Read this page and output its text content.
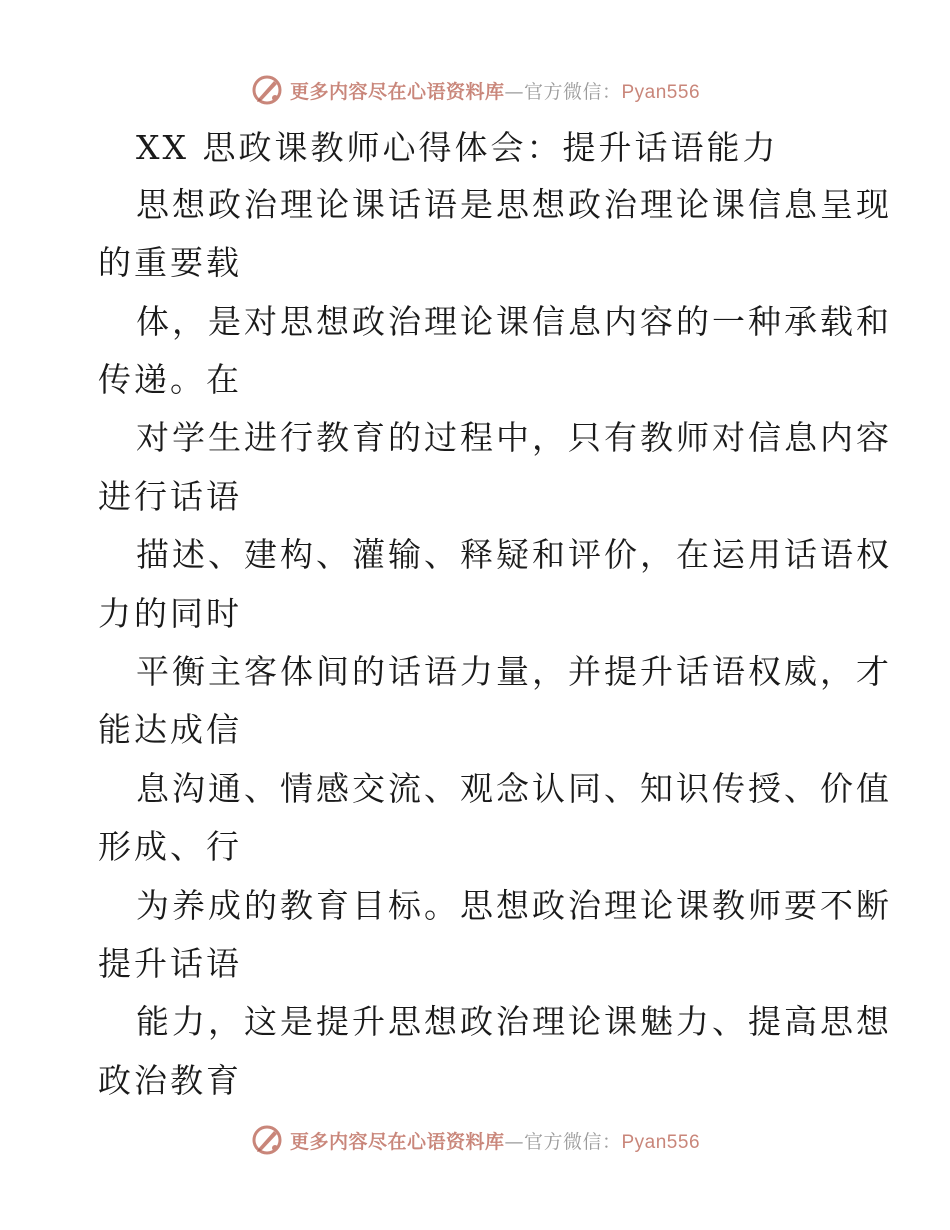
更多内容尽在心语资料库—官方微信：Pyan556
XX 思政课教师心得体会：提升话语能力
思想政治理论课话语是思想政治理论课信息呈现
的重要载
体，是对思想政治理论课信息内容的一种承载和
传递。在
对学生进行教育的过程中，只有教师对信息内容
进行话语
描述、建构、灌输、释疑和评价，在运用话语权
力的同时
平衡主客体间的话语力量，并提升话语权威，才
能达成信
息沟通、情感交流、观念认同、知识传授、价值
形成、行
为养成的教育目标。思想政治理论课教师要不断
提升话语
能力，这是提升思想政治理论课魅力、提高思想
政治教育
更多内容尽在心语资料库—官方微信：Pyan556
